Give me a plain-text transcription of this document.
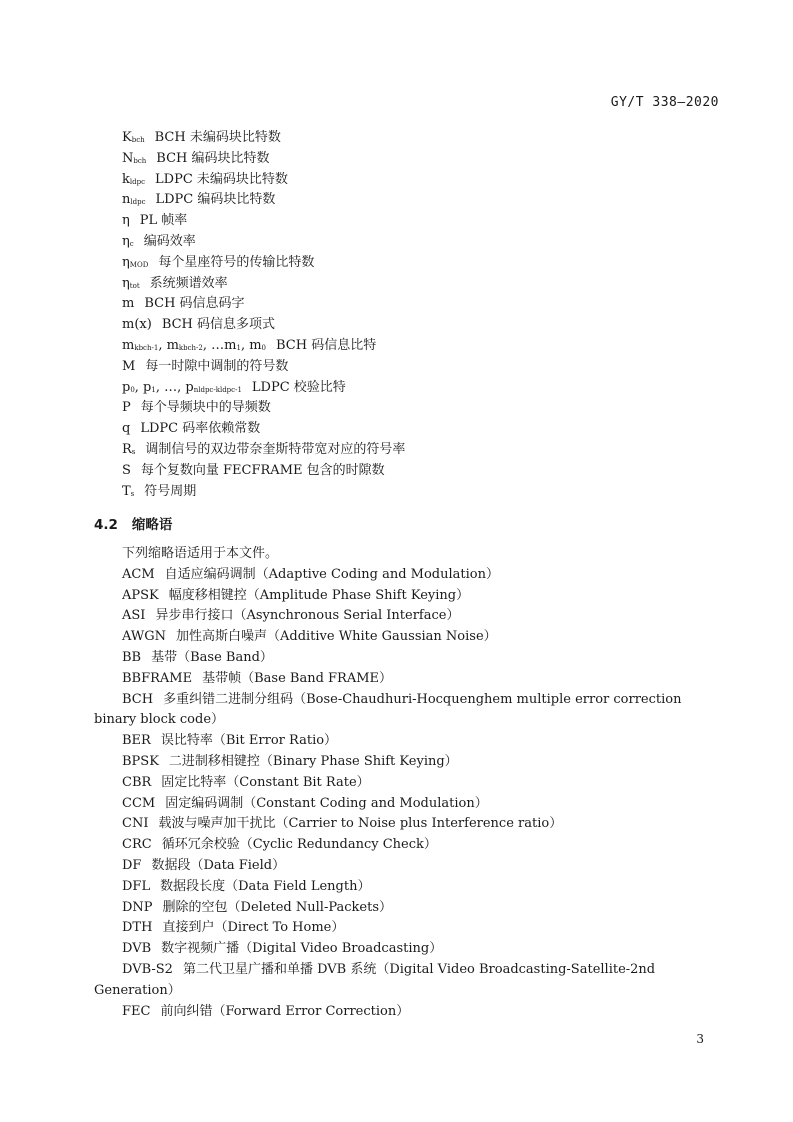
GY/T 338—2020
$K_{bch}$ BCH 未编码块比特数
$N_{bch}$ BCH 编码块比特数
$k_{ldpc}$ LDPC 未编码块比特数
$n_{ldpc}$ LDPC 编码块比特数
η PL 帧率
$\eta_c$ 编码效率
$\eta_{MOD}$ 每个星座符号的传输比特数
$\eta_{tot}$ 系统频谱效率
m BCH 码信息码字
m(x) BCH 码信息多项式
$m_{kbch-1}$, $m_{kbch-2}$, $\dots m_1$, $m_0$ BCH 码信息比特
M 每一时隙中调制的符号数
$p_0$, $p_1$, …, $p_{nldpc-kldpc-1}$ LDPC 校验比特
P 每个导频块中的导频数
q LDPC 码率依赖常数
$R_s$ 调制信号的双边带奈奎斯特带宽对应的符号率
S 每个复数向量 FECFRAME 包含的时隙数
$T_s$ 符号周期
4.2 缩略语
下列缩略语适用于本文件。
ACM 自适应编码调制（Adaptive Coding and Modulation）
APSK 幅度移相键控（Amplitude Phase Shift Keying）
ASI 异步串行接口（Asynchronous Serial Interface）
AWGN 加性高斯白噪声（Additive White Gaussian Noise）
BB 基带（Base Band）
BBFRAME 基带帧（Base Band FRAME）
BCH 多重纠错二进制分组码（Bose-Chaudhuri-Hocquenghem multiple error correction binary block code）
BER 误比特率（Bit Error Ratio）
BPSK 二进制移相键控（Binary Phase Shift Keying）
CBR 固定比特率（Constant Bit Rate）
CCM 固定编码调制（Constant Coding and Modulation）
CNI 载波与噪声加干扰比（Carrier to Noise plus Interference ratio）
CRC 循环冗余校验（Cyclic Redundancy Check）
DF 数据段（Data Field）
DFL 数据段长度（Data Field Length）
DNP 删除的空包（Deleted Null-Packets）
DTH 直接到户（Direct To Home）
DVB 数字视频广播（Digital Video Broadcasting）
DVB-S2 第二代卫星广播和单播 DVB 系统（Digital Video Broadcasting-Satellite-2nd Generation）
FEC 前向纠错（Forward Error Correction）
3
